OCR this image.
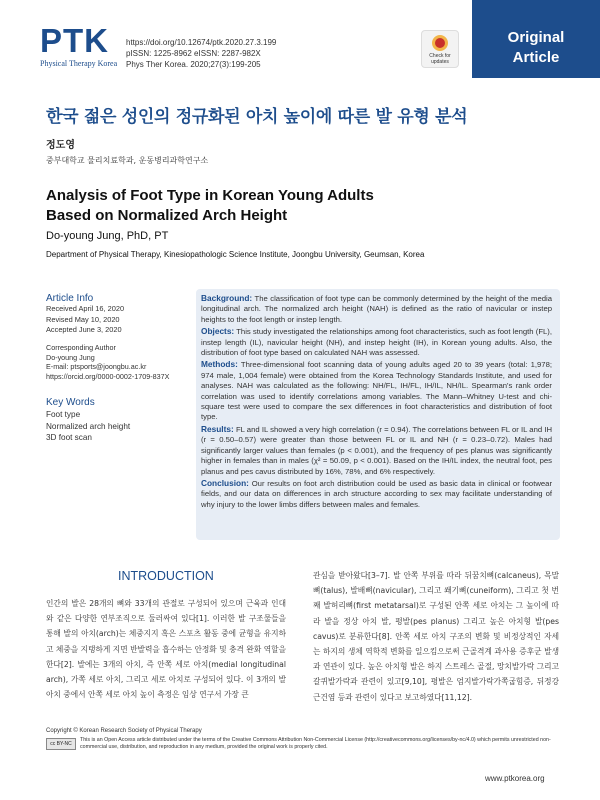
PTK
Physical Therapy Korea
https://doi.org/10.12674/ptk.2020.27.3.199
pISSN: 1225-8962 eISSN: 2287-982X
Phys Ther Korea. 2020;27(3):199-205
Check for updates
Original
Article
한국 젊은 성인의 정규화된 아치 높이에 따른 발 유형 분석
정도영
중부대학교 물리치료학과, 운동병리과학연구소
Analysis of Foot Type in Korean Young Adults Based on Normalized Arch Height
Do-young Jung, PhD, PT
Department of Physical Therapy, Kinesiopathologic Science Institute, Joongbu University, Geumsan, Korea
Article Info
Received April 16, 2020
Revised May 10, 2020
Accepted June 3, 2020
Corresponding Author
Do-young Jung
E-mail: ptsports@joongbu.ac.kr
https://orcid.org/0000-0002-1709-837X
Key Words
Foot type
Normalized arch height
3D foot scan

Background: The classification of foot type can be commonly determined by the height of the media longitudinal arch. The normalized arch height (NAH) is defined as the ratio of navicular or instep heights to the foot length or instep length.

Objects: This study investigated the relationships among foot characteristics, such as foot length (FL), instep length (IL), navicular height (NH), and instep height (IH), in Korean young adults. Also, the distribution of foot type based on calculated NAH was assessed.

Methods: Three-dimensional foot scanning data of young adults aged 20 to 39 years (total: 1,978; 974 male, 1,004 female) were obtained from the Korea Technology Standards Institute, and used for analyses. NAH was calculated as the following: NH/FL, IH/FL, IH/IL, NH/IL. Spearman's rank order correlation was used to identify correlations among variables. The Mann–Whitney U-test and chi-square test were used to compare the sex differences in foot characteristics and distribution of foot type.

Results: FL and IL showed a very high correlation (r = 0.94). The correlations between FL or IL and IH (r = 0.50–0.57) were greater than those between FL or IL and NH (r = 0.23–0.72). Males had significantly larger values than females (p < 0.001), and the frequency of pes planus was significantly higher in females than in males (χ² = 50.09, p < 0.001). Based on the IH/IL index, the neutral foot, pes planus and pes cavus distributed by 16%, 78%, and 6% respectively.

Conclusion: Our results on foot arch distribution could be used as basic data in clinical or footwear fields, and our data on differences in arch structure according to sex may facilitate understanding of why injury to the lower limbs differs between males and females.

INTRODUCTION
인간의 발은 28개의 뼈와 33개의 관절로 구성되어 있으며 근육과 인대와 같은 다양한 연부조직으로 둘러싸여 있다[1]. 이러한 발 구조물들을 통해 발의 아치(arch)는 체중지지 혹은 스포츠 활동 중에 균형을 유지하고 체중을 지탱하게 지면 반발력을 흡수하는 안정화 및 충격 완화 역할을 한다[2]. 발에는 3개의 아치, 즉 안쪽 세로 아치(medial longitudinal arch), 가쪽 세로 아치, 그리고 세로 아치로 구성되어 있다. 이 3개의 발 아치 중에서 안쪽 세로 아치 높이 측정은 임상 연구서 가장 큰
관심을 받아왔다[3–7]. 발 안쪽 부위를 따라 뒤꿈치뼈(calcaneus), 목말뼈(talus), 발배뼈(navicular), 그리고 쐐기뼈(cuneiform), 그리고 첫 번째 발허리뼈(first metatarsal)로 구성된 안쪽 세로 아치는 그 높이에 따라 발을 정상 아치 발, 평발(pes planus) 그리고 높은 아치형 발(pes cavus)로 분류한다[8]. 안쪽 세로 아치 구조의 변화 및 비정상적인 자세는 하지의 생체 역학적 변화를 일으킴으로써 근골격계 과사용 증후군 발생과 연관이 있다. 높은 아치형 발은 하지 스트레스 골절, 망치발가락 그리고 갈퀴발가락과 관련이 있고[9,10], 평발은 엄지발가락가쪽굽힘증, 뒤정강근건염 등과 관련이 있다고 보고하였다[11,12].
Copyright © Korean Research Society of Physical Therapy
cc BY-NC
This is an Open Access article distributed under the terms of the Creative Commons Attribution Non-Commercial License (http://creativecommons.org/licenses/by-nc/4.0) which permits unrestricted non-commercial use, distribution, and reproduction in any medium, provided the original work is properly cited.
www.ptkorea.org
